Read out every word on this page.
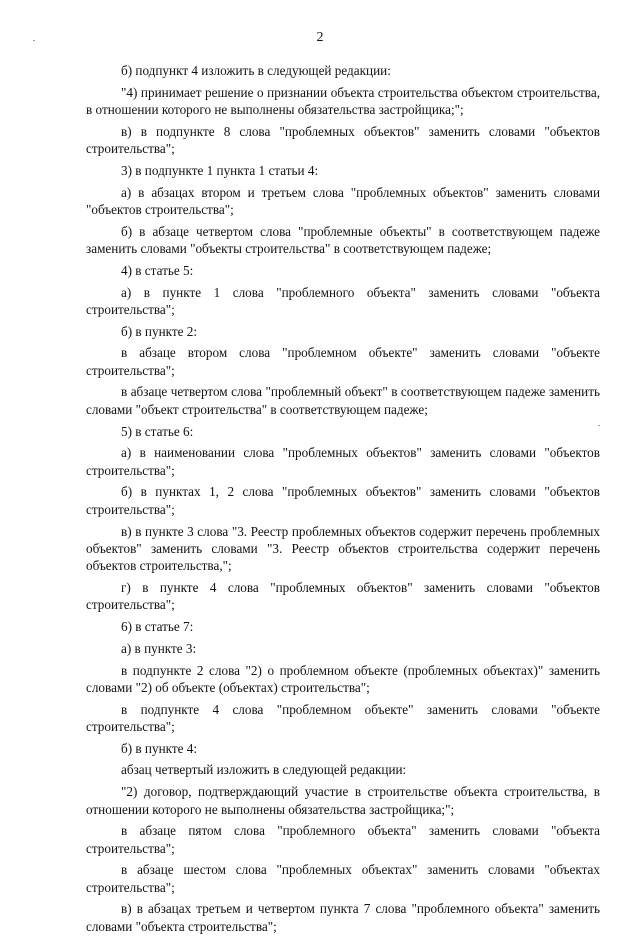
2

б) подпункт 4 изложить в следующей редакции:

"4) принимает решение о признании объекта строительства объектом строительства, в отношении которого не выполнены обязательства застройщика;";

в) в подпункте 8 слова "проблемных объектов" заменить словами "объектов строительства";

3) в подпункте 1 пункта 1 статьи 4:

а) в абзацах втором и третьем слова "проблемных объектов" заменить словами "объектов строительства";

б) в абзаце четвертом слова "проблемные объекты" в соответствующем падеже заменить словами "объекты строительства" в соответствующем падеже;

4) в статье 5:

а) в пункте 1 слова "проблемного объекта" заменить словами "объекта строительства";

б) в пункте 2:

в абзаце втором слова "проблемном объекте" заменить словами "объекте строительства";

в абзаце четвертом слова "проблемный объект" в соответствующем падеже заменить словами "объект строительства" в соответствующем падеже;

5) в статье 6:

а) в наименовании слова "проблемных объектов" заменить словами "объектов строительства";

б) в пунктах 1, 2 слова "проблемных объектов" заменить словами "объектов строительства";

в) в пункте 3 слова "3. Реестр проблемных объектов содержит перечень проблемных объектов" заменить словами "3. Реестр объектов строительства содержит перечень объектов строительства,";

г) в пункте 4 слова "проблемных объектов" заменить словами "объектов строительства";

6) в статье 7:

а) в пункте 3:

в подпункте 2 слова "2) о проблемном объекте (проблемных объектах)" заменить словами "2) об объекте (объектах) строительства";

в подпункте 4 слова "проблемном объекте" заменить словами "объекте строительства";

б) в пункте 4:

абзац четвертый изложить в следующей редакции:

"2) договор, подтверждающий участие в строительстве объекта строительства, в отношении которого не выполнены обязательства застройщика;";

в абзаце пятом слова "проблемного объекта" заменить словами "объекта строительства";

в абзаце шестом слова "проблемных объектах" заменить словами "объектах строительства";

в) в абзацах третьем и четвертом пункта 7 слова "проблемного объекта" заменить словами "объекта строительства";
